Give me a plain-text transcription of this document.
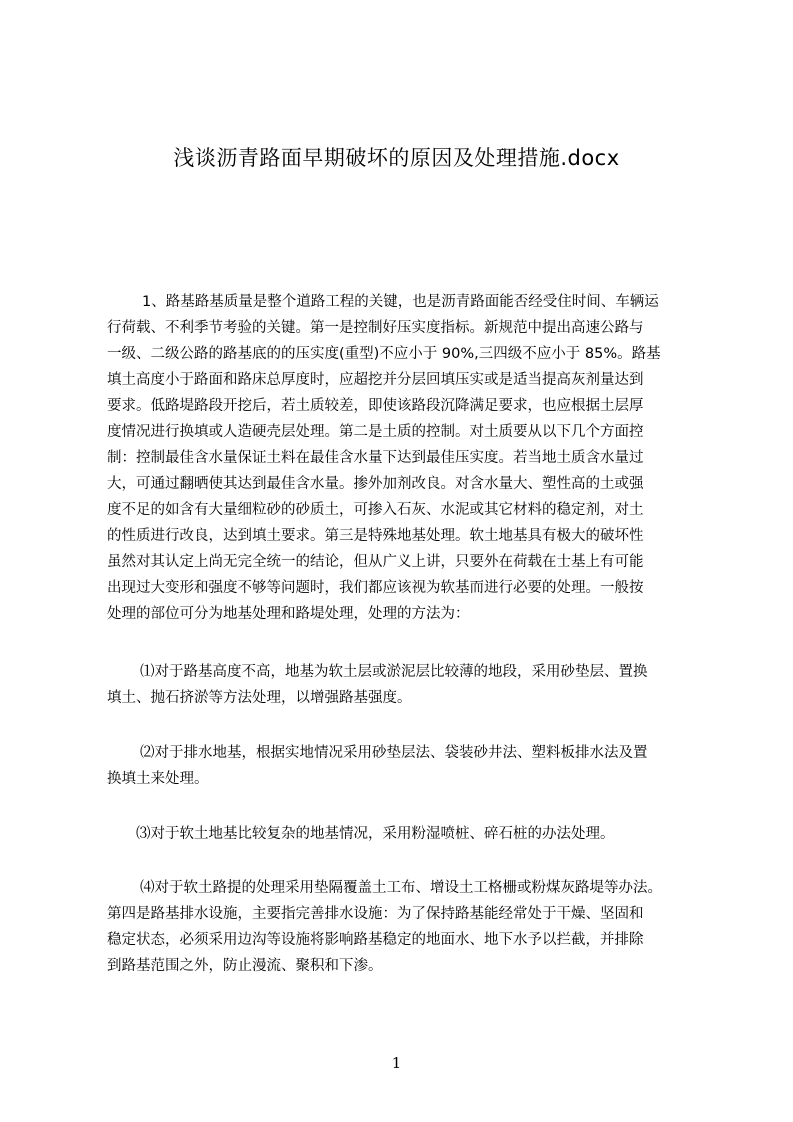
浅谈沥青路面早期破坏的原因及处理措施.docx
1、路基路基质量是整个道路工程的关键，也是沥青路面能否经受住时间、车辆运
行荷载、不利季节考验的关键。第一是控制好压实度指标。新规范中提出高速公路与
一级、二级公路的路基底的的压实度(重型)不应小于 90%,三四级不应小于 85%。路基
填土高度小于路面和路床总厚度时，应超挖并分层回填压实或是适当提高灰剂量达到
要求。低路堤路段开挖后，若土质较差，即使该路段沉降满足要求，也应根据土层厚
度情况进行换填或人造硬壳层处理。第二是土质的控制。对土质要从以下几个方面控
制：控制最佳含水量保证土料在最佳含水量下达到最佳压实度。若当地土质含水量过
大，可通过翻晒使其达到最佳含水量。掺外加剂改良。对含水量大、塑性高的土或强
度不足的如含有大量细粒砂的砂质土，可掺入石灰、水泥或其它材料的稳定剂，对土
的性质进行改良，达到填土要求。第三是特殊地基处理。软土地基具有极大的破坏性
虽然对其认定上尚无完全统一的结论，但从广义上讲，只要外在荷载在士基上有可能
出现过大变形和强度不够等问题时，我们都应该视为软基而进行必要的处理。一般按
处理的部位可分为地基处理和路堤处理，处理的方法为：
⑴对于路基高度不高，地基为软土层或淤泥层比较薄的地段，采用砂垫层、置换
填土、抛石挤淤等方法处理，以增强路基强度。
⑵对于排水地基，根据实地情况采用砂垫层法、袋装砂井法、塑料板排水法及置
换填土来处理。
⑶对于软土地基比较复杂的地基情况，采用粉湿喷桩、碎石桩的办法处理。
⑷对于软土路提的处理采用垫隔覆盖土工布、增设土工格栅或粉煤灰路堤等办法。
第四是路基排水设施，主要指完善排水设施：为了保持路基能经常处于干燥、坚固和
稳定状态，必须采用边沟等设施将影响路基稳定的地面水、地下水予以拦截，并排除
到路基范围之外，防止漫流、聚积和下渗。
1
